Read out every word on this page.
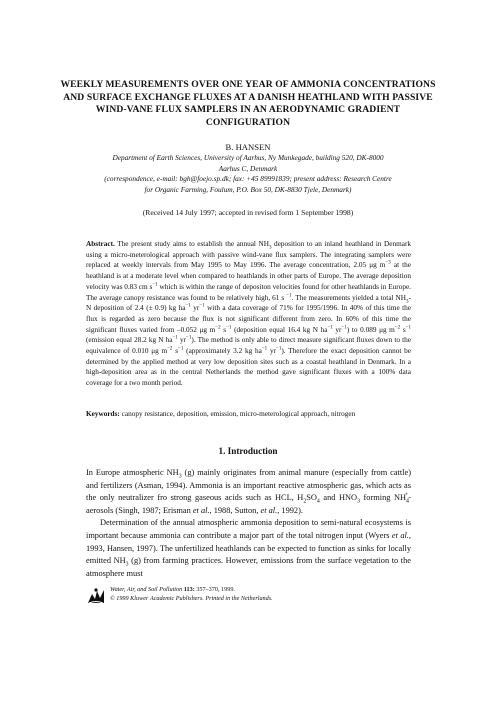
WEEKLY MEASUREMENTS OVER ONE YEAR OF AMMONIA CONCENTRATIONS AND SURFACE EXCHANGE FLUXES AT A DANISH HEATHLAND WITH PASSIVE WIND-VANE FLUX SAMPLERS IN AN AERODYNAMIC GRADIENT CONFIGURATION
B. HANSEN
Department of Earth Sciences, University of Aarhus, Ny Munkegade, building 520, DK-8000
Aarhus C, Denmark
(correspondence, e-mail: bgh@foejo.sp.dk; fax: +45 89991839; present address: Research Centre
for Organic Farming, Foulum, P.O. Box 50, DK-8830 Tjele, Denmark)
(Received 14 July 1997; accepted in revised form 1 September 1998)
Abstract. The present study aims to establish the annual $NH_3$ deposition to an inland heathland in Denmark using a micro-meterological approach with passive wind-vane flux samplers. The integrating samplers were replaced at weekly intervals from May 1995 to May 1996. The average concentration, 2.05 μg $m^{-3}$ at the heathland is at a moderate level when compared to heathlands in other parts of Europe. The average deposition velocity was 0.83 cm $s^{-1}$ which is within the range of depositon velocities found for other heathlands in Europe. The average canopy resistance was found to be relatively high, 61 s $^{-1}$. The measurements yielded a total $NH_3-N$ deposition of 2.4 (± 0.9) kg $ha^{-1}$ $yr^{-1}$ with a data coverage of 71% for 1995/1996. In 40% of this time the flux is regarded as zero because the flux is not significant different from zero. In 60% of this time the significant fluxes varied from –0.052 μg $m^{-2}$ $s^{-1}$ (deposition equal 16.4 kg N $ha^{-1}$ $yr^{-1}$) to 0.089 μg $m^{-2}$ $s^{-1}$ (emission equal 28.2 kg N $ha^{-1}$ $yr^{-1}$). The method is only able to direct measure significant fluxes down to the equivalence of 0.010 μg $m^{-2}$ $s^{-1}$ (approximately 3.2 kg $ha^{-1}$ $yr^{-1}$). Therefore the exact deposition cannot be determined by the applied method at very low deposition sites such as a coastal heathland in Denmark. In a high-deposition area as in the central Netherlands the method gave significant fluxes with a 100% data coverage for a two month period.
Keywords: canopy resistance, deposition, emission, micro-meterological approach, nitrogen
1. Introduction

In Europe atmospheric $NH_3$ (g) mainly originates from animal manure (especially from cattle) and fertilizers (Asman, 1994). Ammonia is an important reactive atmospheric gas, which acts as the only neutralizer fro strong gaseous acids such as HCL, $H_2SO_4$ and $HNO_3$ forming $NH_4^+$-aerosols (Singh, 1987; Erisman et al., 1988, Sutton, et al., 1992).

Determination of the annual atmospheric ammonia deposition to semi-natural ecosystems is important because ammonia can contribute a major part of the total nitrogen input (Wyers et al., 1993, Hansen, 1997). The unfertilized heathlands can be expected to function as sinks for locally emitted $NH_3$ (g) from farming practices. However, emissions from the surface vegetation to the atmosphere must

Water, Air, and Soil Pollution 113: 357–370, 1999.
© 1999 Kluwer Academic Publishers. Printed in the Netherlands.
